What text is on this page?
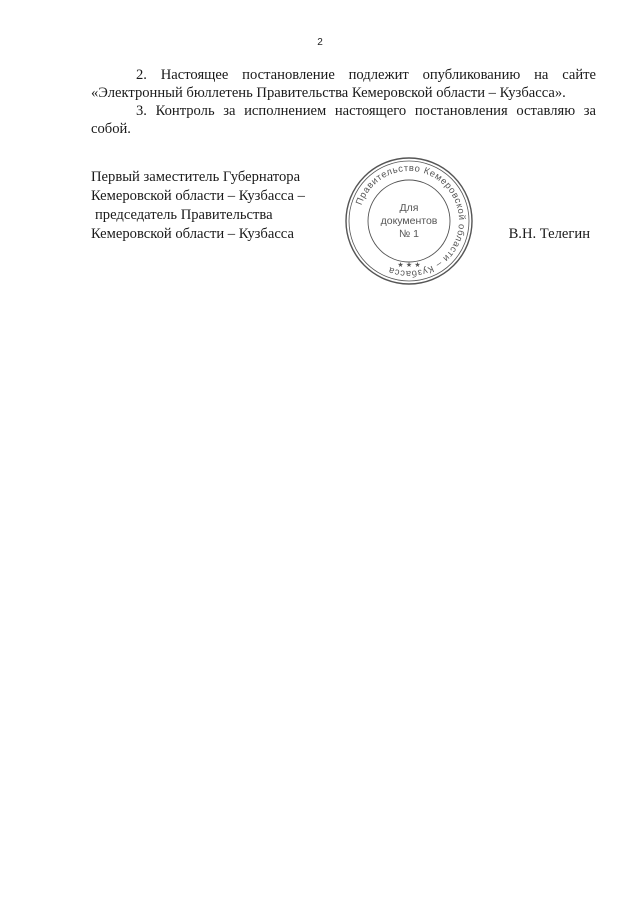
2

2. Настоящее постановление подлежит опубликованию на сайте «Электронный бюллетень Правительства Кемеровской области – Кузбасса».

3. Контроль за исполнением настоящего постановления оставляю за собой.

Первый заместитель Губернатора
Кемеровской области – Кузбасса –
председатель Правительства
Кемеровской области – Кузбасса
Правительство Кемеровской области – Кузбасса
★ ★ ★
Для
документов
№ 1	В.Н. Телегин
